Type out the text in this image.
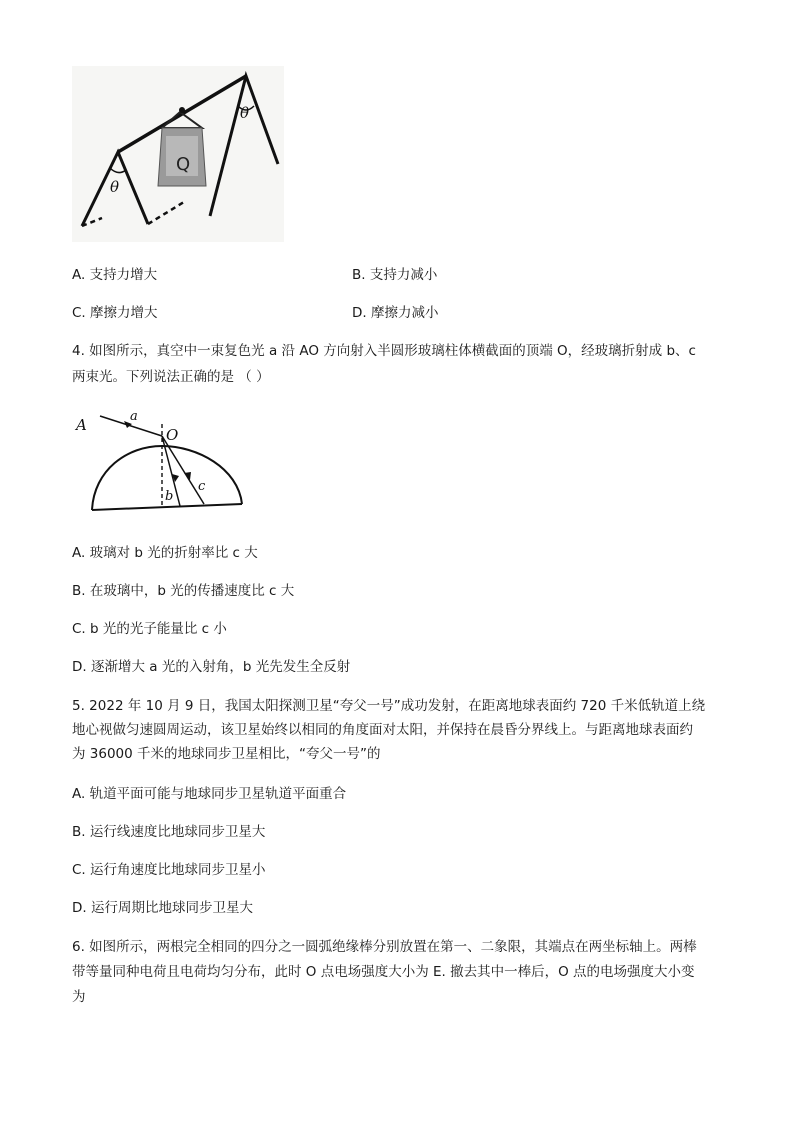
Q
θ
θ
A. 支持力增大	B. 支持力减小
C. 摩擦力增大	D. 摩擦力减小
4. 如图所示，真空中一束复色光 a 沿 AO 方向射入半圆形玻璃柱体横截面的顶端 O，经玻璃折射成 b、c
两束光。下列说法正确的是 （ ）
A	a
O
b
c
A. 玻璃对 b 光的折射率比 c 大
B. 在玻璃中，b 光的传播速度比 c 大
C. b 光的光子能量比 c 小
D. 逐渐增大 a 光的入射角，b 光先发生全反射
5. 2022 年 10 月 9 日，我国太阳探测卫星“夸父一号”成功发射，在距离地球表面约 720 千米低轨道上绕
地心视做匀速圆周运动，该卫星始终以相同的角度面对太阳，并保持在晨昏分界线上。与距离地球表面约
为 36000 千米的地球同步卫星相比，“夸父一号”的
A. 轨道平面可能与地球同步卫星轨道平面重合
B. 运行线速度比地球同步卫星大
C. 运行角速度比地球同步卫星小
D. 运行周期比地球同步卫星大
6. 如图所示，两根完全相同的四分之一圆弧绝缘棒分别放置在第一、二象限，其端点在两坐标轴上。两棒
带等量同种电荷且电荷均匀分布，此时 O 点电场强度大小为 E. 撤去其中一棒后，O 点的电场强度大小变
为
